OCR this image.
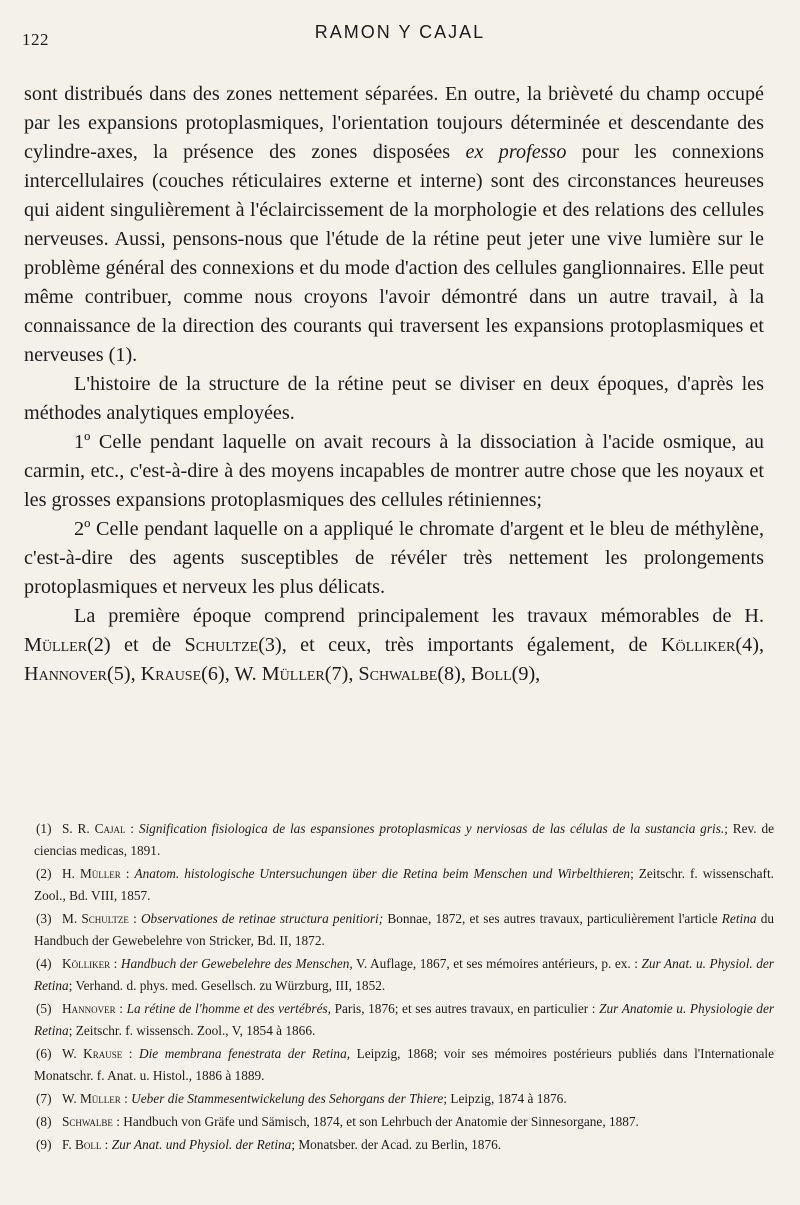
122	RAMON Y CAJAL

sont distribués dans des zones nettement séparées. En outre, la brièveté du champ occupé par les expansions protoplasmiques, l'orientation toujours déterminée et descendante des cylindre-axes, la présence des zones disposées ex professo pour les connexions intercellulaires (couches réticulaires externe et interne) sont des circonstances heureuses qui aident singulièrement à l'éclaircissement de la morphologie et des relations des cellules nerveuses. Aussi, pensons-nous que l'étude de la rétine peut jeter une vive lumière sur le problème général des connexions et du mode d'action des cellules ganglionnaires. Elle peut même contribuer, comme nous croyons l'avoir démontré dans un autre travail, à la connaissance de la direction des courants qui traversent les expansions protoplasmiques et nerveuses (1).

L'histoire de la structure de la rétine peut se diviser en deux époques, d'après les méthodes analytiques employées.

1º Celle pendant laquelle on avait recours à la dissociation à l'acide osmique, au carmin, etc., c'est-à-dire à des moyens incapables de montrer autre chose que les noyaux et les grosses expansions protoplasmiques des cellules rétiniennes;

2º Celle pendant laquelle on a appliqué le chromate d'argent et le bleu de méthylène, c'est-à-dire des agents susceptibles de révéler très nettement les prolongements protoplasmiques et nerveux les plus délicats.

La première époque comprend principalement les travaux mémorables de H. Müller(2) et de Schultze(3), et ceux, très importants également, de Kölliker(4), Hannover(5), Krause(6), W. Müller(7), Schwalbe(8), Boll(9),

(1) S. R. Cajal : Signification fisiologica de las espansiones protoplasmicas y nerviosas de las células de la sustancia gris.; Rev. de ciencias medicas, 1891.

(2) H. Müller : Anatom. histologische Untersuchungen über die Retina beim Menschen und Wirbelthieren; Zeitschr. f. wissenschaft. Zool., Bd. VIII, 1857.

(3) M. Schultze : Observationes de retinae structura penitiori; Bonnae, 1872, et ses autres travaux, particulièrement l'article Retina du Handbuch der Gewebelehre von Stricker, Bd. II, 1872.

(4) Kölliker : Handbuch der Gewebelehre des Menschen, V. Auflage, 1867, et ses mémoires antérieurs, p. ex. : Zur Anat. u. Physiol. der Retina; Verhand. d. phys. med. Gesellsch. zu Würzburg, III, 1852.

(5) Hannover : La rétine de l'homme et des vertébrés, Paris, 1876; et ses autres travaux, en particulier : Zur Anatomie u. Physiologie der Retina; Zeitschr. f. wissensch. Zool., V, 1854 à 1866.

(6) W. Krause : Die membrana fenestrata der Retina, Leipzig, 1868; voir ses mémoires postérieurs publiés dans l'Internationale Monatschr. f. Anat. u. Histol., 1886 à 1889.

(7) W. Müller : Ueber die Stammesentwickelung des Sehorgans der Thiere; Leipzig, 1874 à 1876.

(8) Schwalbe : Handbuch von Gräfe und Sämisch, 1874, et son Lehrbuch der Anatomie der Sinnesorgane, 1887.

(9) F. Boll : Zur Anat. und Physiol. der Retina; Monatsber. der Acad. zu Berlin, 1876.
